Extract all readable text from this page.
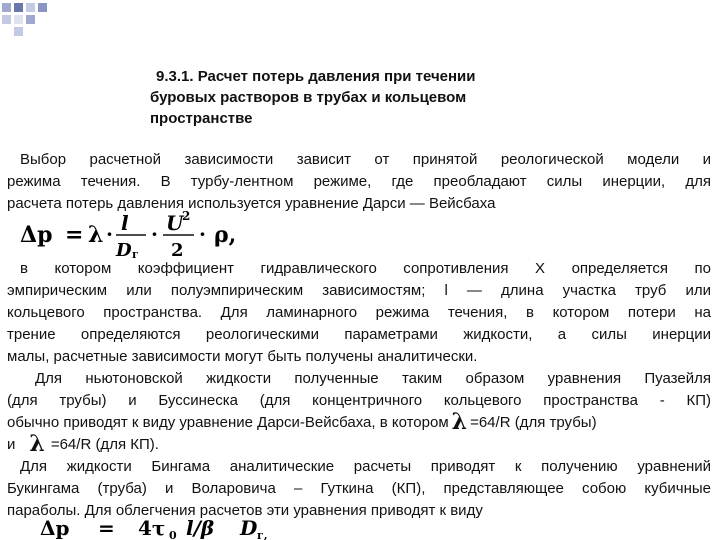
9.3.1. Расчет потерь давления при течении
буровых растворов в трубах и кольцевом
пространстве
Выбор расчетной зависимости зависит от принятой реологической модели и
режима течения. В турбу-лентном режиме, где преобладают силы инерции, для
расчета потерь давления используется уравнение Дарси — Вейсбаха
Δp = λ · l
D г
· U
2
2
· ρ,
в котором коэффициент гидравлического сопротивления X определяется по
эмпирическим или полуэмпирическим зависимостям; l — длина участка труб или
кольцевого пространства. Для ламинарного режима течения, в котором потери на
трение определяются реологическими параметрами жидкости, а силы инерции
малы, расчетные зависимости могут быть получены аналитически.
Для ньютоновской жидкости полученные таким образом уравнения Пуазейля
(для трубы) и Буссинеска (для концентричного кольцевого пространства - КП)
обычно приводят к виду уравнение Дарси-Вейсбаха, в котором λ =64/R (для трубы)
и λ =64/R (для КП).
Для жидкости Бингама аналитические расчеты приводят к получению уравнений
Букингама (труба) и Воларовича – Гуткина (КП), представляющее собою кубичные
параболы. Для облегчения расчетов эти уравнения приводят к виду
Δp = 4τ 0 l/β D г,
